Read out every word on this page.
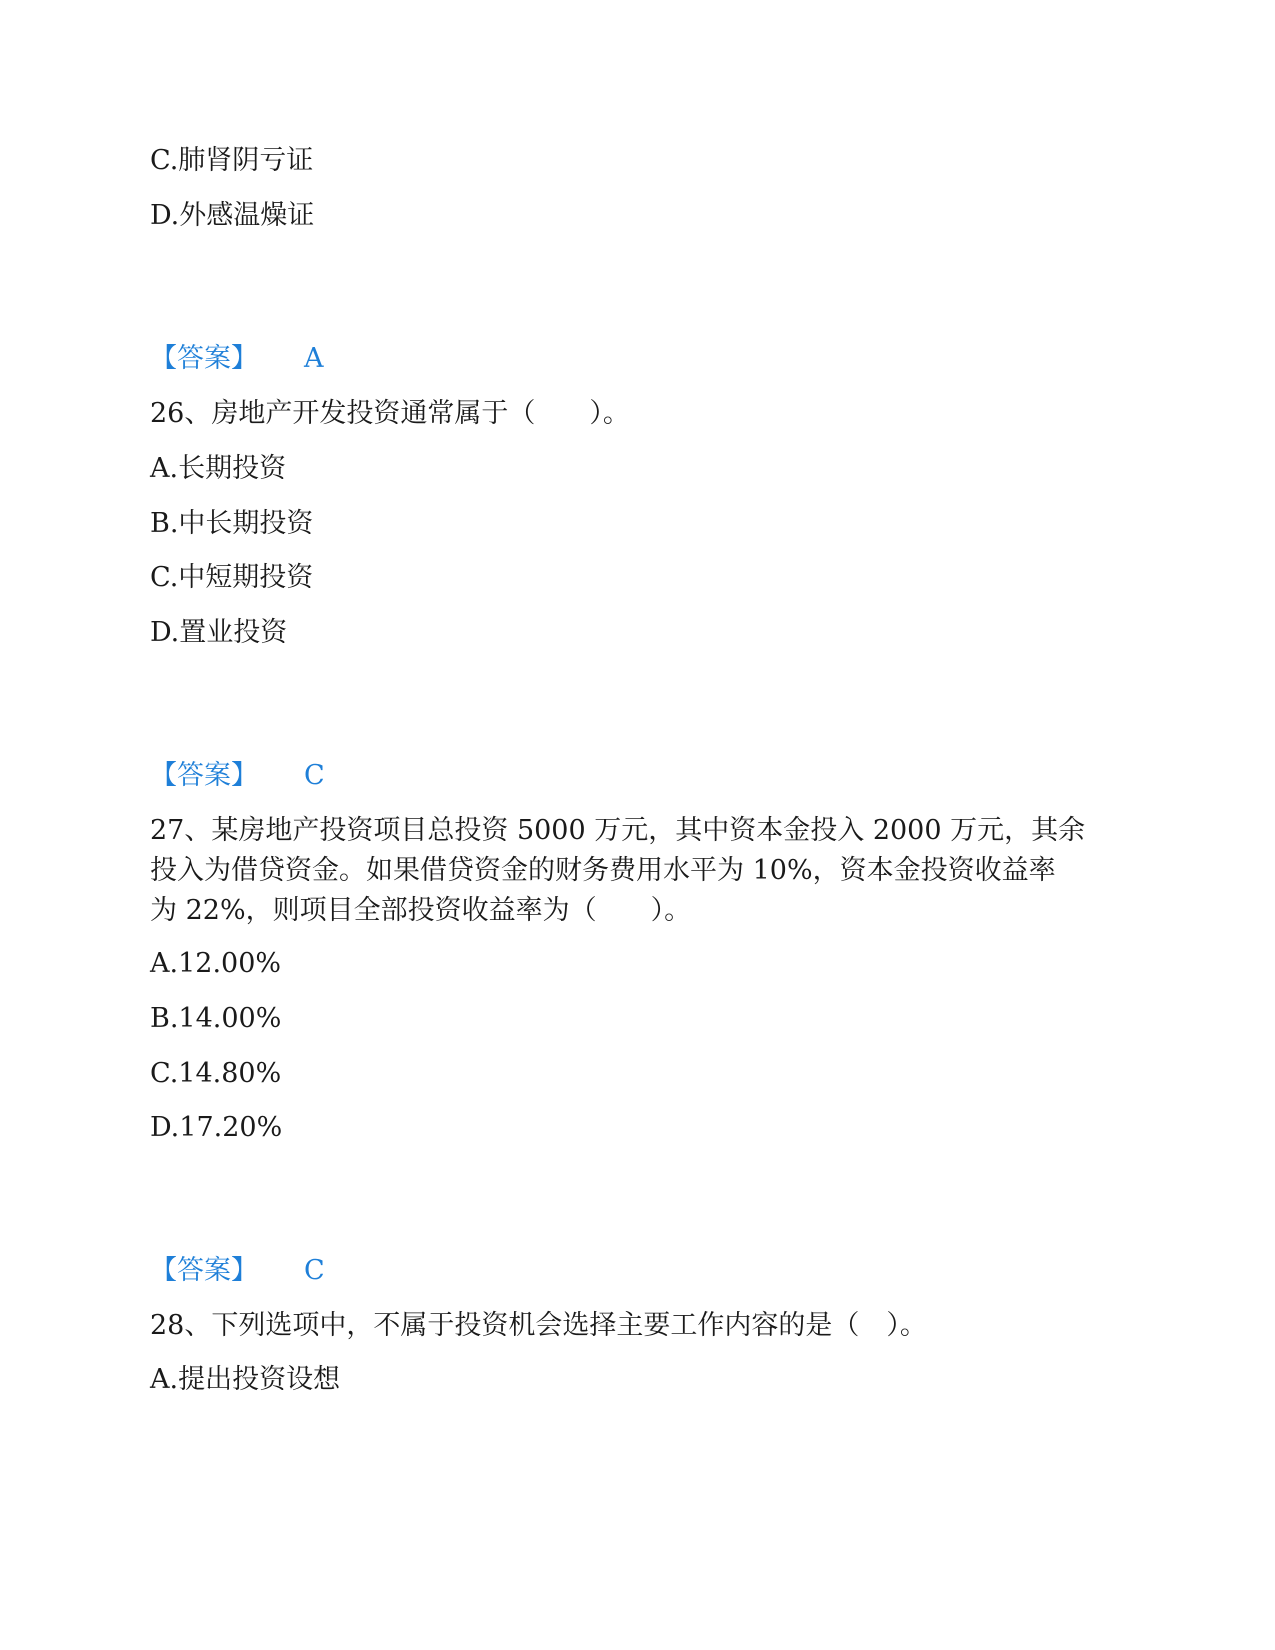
C.肺肾阴亏证
D.外感温燥证
【答案】 A
26、房地产开发投资通常属于（　　）。
A.长期投资
B.中长期投资
C.中短期投资
D.置业投资
【答案】 C
27、某房地产投资项目总投资 5000 万元，其中资本金投入 2000 万元，其余
投入为借贷资金。如果借贷资金的财务费用水平为 10%，资本金投资收益率
为 22%，则项目全部投资收益率为（　　）。
A.12.00%
B.14.00%
C.14.80%
D.17.20%
【答案】 C
28、下列选项中，不属于投资机会选择主要工作内容的是（　）。
A.提出投资设想
